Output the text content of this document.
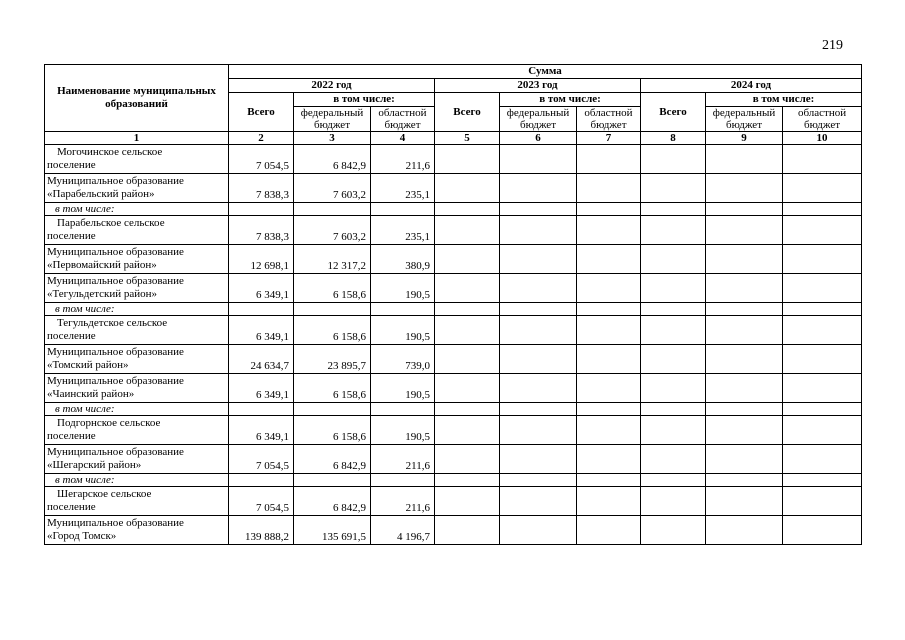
219
Наименование муниципальных образований	Сумма								
	2022 год			2023 год			2024 год		
	Всего	в том числе:		Всего	в том числе:		Всего	в том числе:	
		федеральный бюджет	областной бюджет		федеральный бюджет	областной бюджет		федеральный бюджет	областной бюджет
1	2	3	4	5	6	7	8	9	10

Могочинское сельское
поселение	7 054,5	6 842,9	211,6						

Муниципальное образование
«Парабельский район»	7 838,3	7 603,2	235,1						
в том числе:									

Парабельское сельское
поселение	7 838,3	7 603,2	235,1						

Муниципальное образование
«Первомайский район»	12 698,1	12 317,2	380,9						

Муниципальное образование
«Тегульдетский район»	6 349,1	6 158,6	190,5						
в том числе:									

Тегульдетское сельское
поселение	6 349,1	6 158,6	190,5						

Муниципальное образование
«Томский район»	24 634,7	23 895,7	739,0						

Муниципальное образование
«Чаинский район»	6 349,1	6 158,6	190,5						
в том числе:									

Подгорнское сельское
поселение	6 349,1	6 158,6	190,5						

Муниципальное образование
«Шегарский район»	7 054,5	6 842,9	211,6						
в том числе:									

Шегарское сельское
поселение	7 054,5	6 842,9	211,6						

Муниципальное образование
«Город Томск»	139 888,2	135 691,5	4 196,7						
